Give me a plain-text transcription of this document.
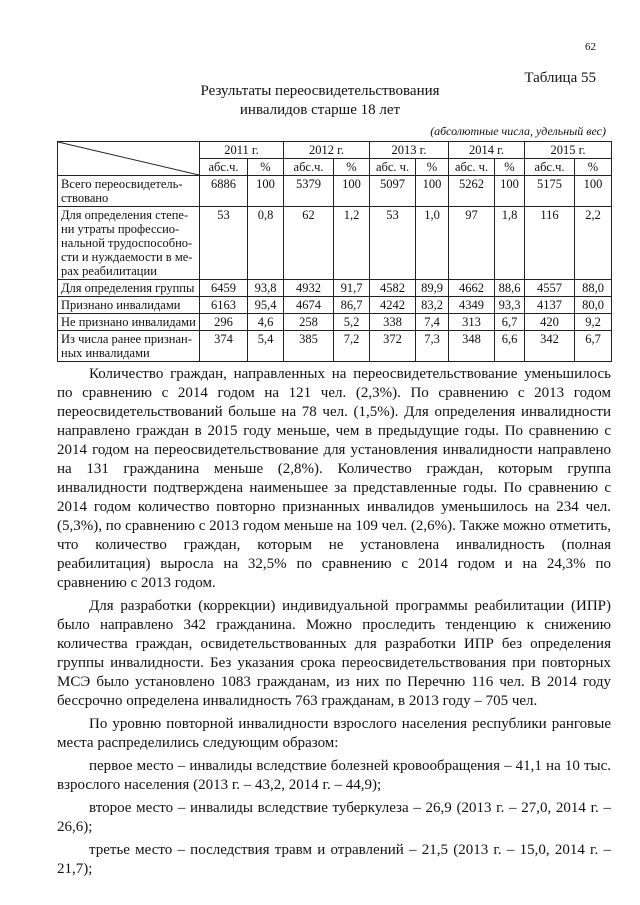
62
Таблица 55
Результаты переосвидетельствования
инвалидов старше 18 лет
(абсолютные числа, удельный вес)
	2011 г.		2012 г.		2013 г.		2014 г.		2015 г.	
	абс.ч.	%	абс.ч.	%	абс. ч.	%	абс. ч.	%	абс.ч.	%
Всего переосвидетель-ствовано	6886	100	5379	100	5097	100	5262	100	5175	100
Для определения степе-ни утраты профессио-нальной трудоспособно-сти и нуждаемости в ме-рах реабилитации	53	0,8	62	1,2	53	1,0	97	1,8	116	2,2
Для определения группы	6459	93,8	4932	91,7	4582	89,9	4662	88,6	4557	88,0
Признано инвалидами	6163	95,4	4674	86,7	4242	83,2	4349	93,3	4137	80,0
Не признано инвалидами	296	4,6	258	5,2	338	7,4	313	6,7	420	9,2
Из числа ранее признан-ных инвалидами	374	5,4	385	7,2	372	7,3	348	6,6	342	6,7

Количество граждан, направленных на переосвидетельствование уменьшилось по сравнению с 2014 годом на 121 чел. (2,3%). По сравнению с 2013 годом переосвидетельствований больше на 78 чел. (1,5%). Для определения инвалидности направлено граждан в 2015 году меньше, чем в предыдущие годы. По сравнению с 2014 годом на переосвидетельствование для установления инвалидности направлено на 131 гражданина меньше (2,8%). Количество граждан, которым группа инвалидности подтверждена наименьшее за представленные годы. По сравнению с 2014 годом количество повторно признанных инвалидов уменьшилось на 234 чел. (5,3%), по сравнению с 2013 годом меньше на 109 чел. (2,6%). Также можно отметить, что количество граждан, которым не установлена инвалидность (полная реабилитация) выросла на 32,5% по сравнению с 2014 годом и на 24,3% по сравнению с 2013 годом.

Для разработки (коррекции) индивидуальной программы реабилитации (ИПР) было направлено 342 гражданина. Можно проследить тенденцию к снижению количества граждан, освидетельствованных для разработки ИПР без определения группы инвалидности. Без указания срока переосвидетельствования при повторных МСЭ было установлено 1083 гражданам, из них по Перечню 116 чел. В 2014 году бессрочно определена инвалидность 763 гражданам, в 2013 году – 705 чел.

По уровню повторной инвалидности взрослого населения республики ранговые места распределились следующим образом:

первое место – инвалиды вследствие болезней кровообращения – 41,1 на 10 тыс. взрослого населения (2013 г. – 43,2, 2014 г. – 44,9);

второе место – инвалиды вследствие туберкулеза – 26,9 (2013 г. – 27,0, 2014 г. – 26,6);

третье место – последствия травм и отравлений – 21,5 (2013 г. – 15,0, 2014 г. – 21,7);
